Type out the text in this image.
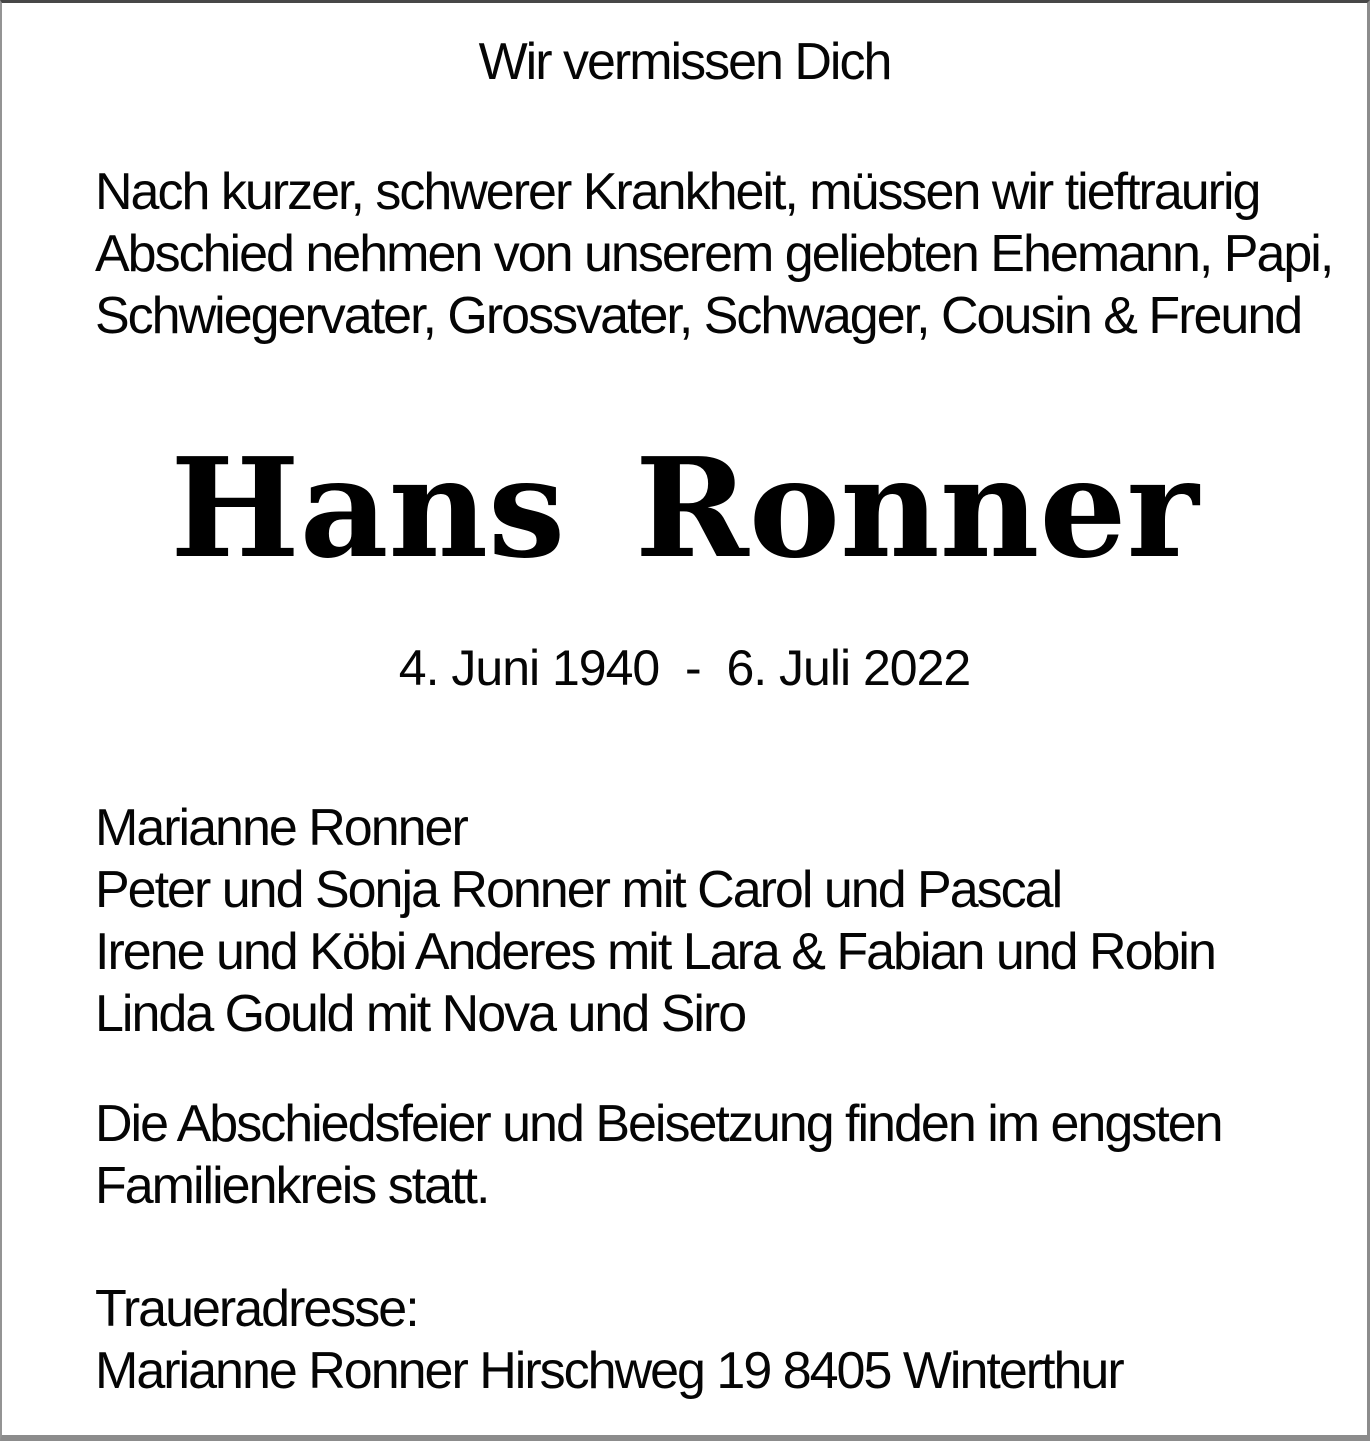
Wir vermissen Dich
Nach kurzer, schwerer Krankheit, müssen wir tieftraurig
Abschied nehmen von unserem geliebten Ehemann, Papi,
Schwiegervater, Grossvater, Schwager, Cousin & Freund
Hans Ronner
4. Juni 1940  -  6. Juli 2022
Marianne Ronner
Peter und Sonja Ronner mit Carol und Pascal
Irene und Köbi Anderes mit Lara & Fabian und Robin
Linda Gould mit Nova und Siro
Die Abschiedsfeier und Beisetzung finden im engsten
Familienkreis statt.
Traueradresse:
Marianne Ronner Hirschweg 19 8405 Winterthur
